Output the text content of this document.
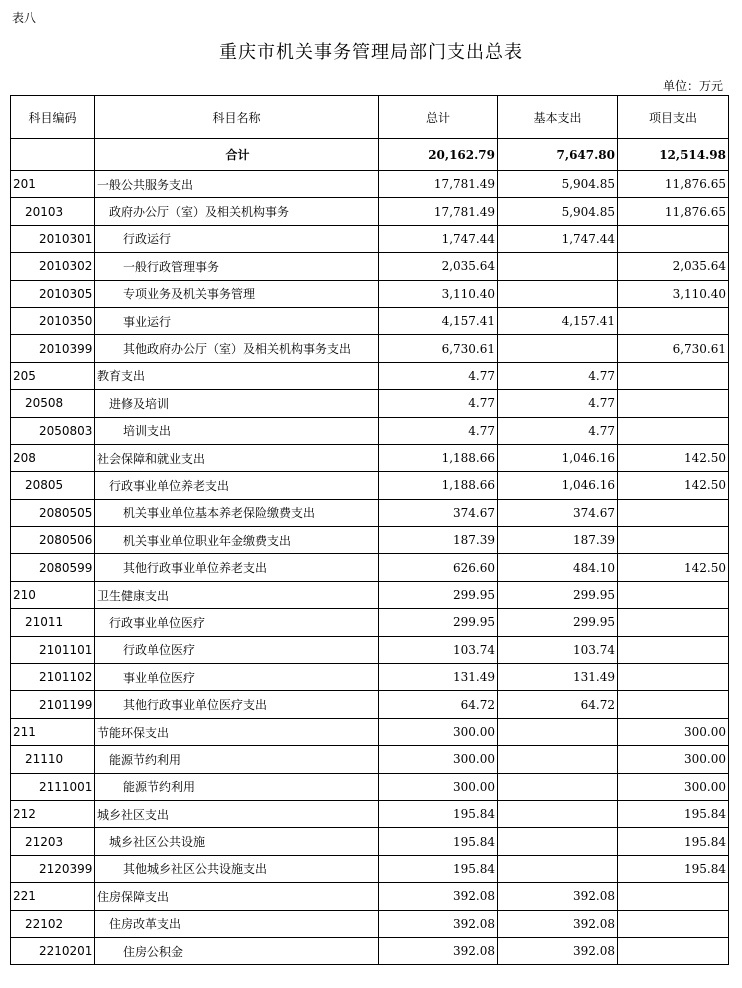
表八
重庆市机关事务管理局部门支出总表
单位：万元
科目编码	科目名称	总计	基本支出	项目支出
	合计	20,162.79	7,647.80	12,514.98
201	一般公共服务支出	17,781.49	5,904.85	11,876.65
20103	政府办公厅（室）及相关机构事务	17,781.49	5,904.85	11,876.65
2010301	行政运行	1,747.44	1,747.44	
2010302	一般行政管理事务	2,035.64		2,035.64
2010305	专项业务及机关事务管理	3,110.40		3,110.40
2010350	事业运行	4,157.41	4,157.41	
2010399	其他政府办公厅（室）及相关机构事务支出	6,730.61		6,730.61
205	教育支出	4.77	4.77	
20508	进修及培训	4.77	4.77	
2050803	培训支出	4.77	4.77	
208	社会保障和就业支出	1,188.66	1,046.16	142.50
20805	行政事业单位养老支出	1,188.66	1,046.16	142.50
2080505	机关事业单位基本养老保险缴费支出	374.67	374.67	
2080506	机关事业单位职业年金缴费支出	187.39	187.39	
2080599	其他行政事业单位养老支出	626.60	484.10	142.50
210	卫生健康支出	299.95	299.95	
21011	行政事业单位医疗	299.95	299.95	
2101101	行政单位医疗	103.74	103.74	
2101102	事业单位医疗	131.49	131.49	
2101199	其他行政事业单位医疗支出	64.72	64.72	
211	节能环保支出	300.00		300.00
21110	能源节约利用	300.00		300.00
2111001	能源节约利用	300.00		300.00
212	城乡社区支出	195.84		195.84
21203	城乡社区公共设施	195.84		195.84
2120399	其他城乡社区公共设施支出	195.84		195.84
221	住房保障支出	392.08	392.08	
22102	住房改革支出	392.08	392.08	
2210201	住房公积金	392.08	392.08	
